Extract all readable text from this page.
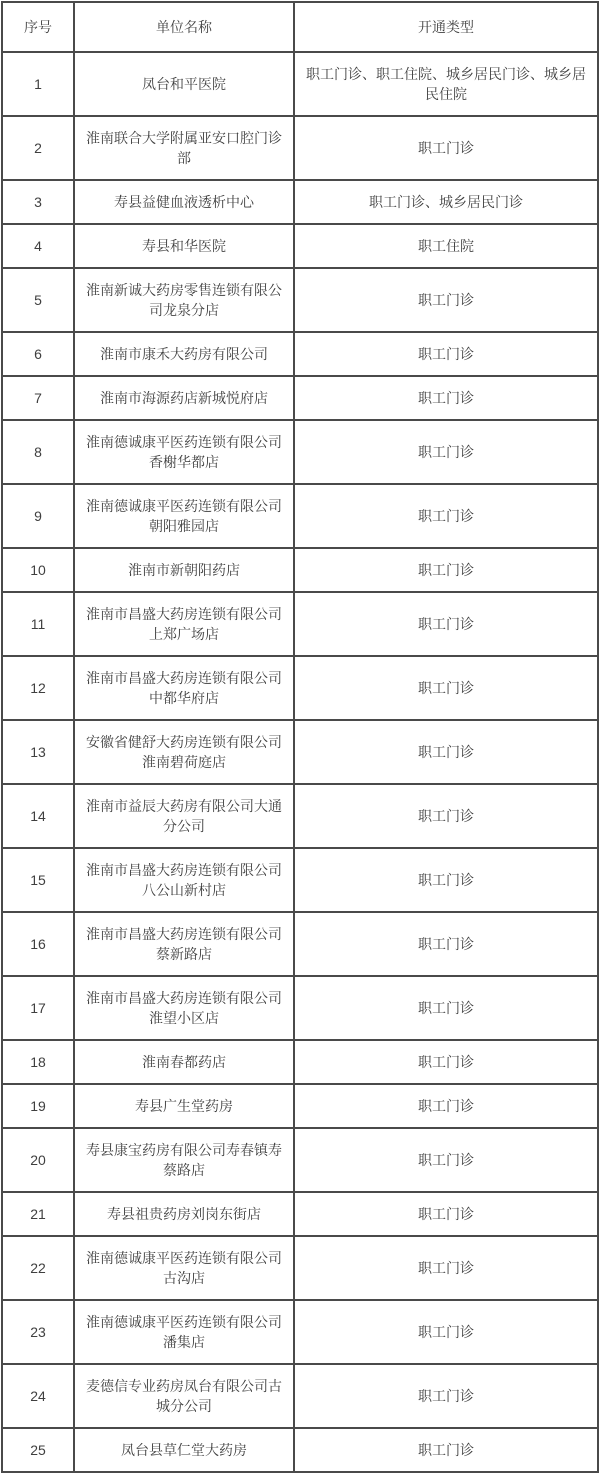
序号	单位名称	开通类型
1	凤台和平医院	职工门诊、职工住院、城乡居民门诊、城乡居民住院
2	淮南联合大学附属亚安口腔门诊部	职工门诊
3	寿县益健血液透析中心	职工门诊、城乡居民门诊
4	寿县和华医院	职工住院
5	淮南新诚大药房零售连锁有限公司龙泉分店	职工门诊
6	淮南市康禾大药房有限公司	职工门诊
7	淮南市海源药店新城悦府店	职工门诊
8	淮南德诚康平医药连锁有限公司香榭华都店	职工门诊
9	淮南德诚康平医药连锁有限公司朝阳雅园店	职工门诊
10	淮南市新朝阳药店	职工门诊
11	淮南市昌盛大药房连锁有限公司上郑广场店	职工门诊
12	淮南市昌盛大药房连锁有限公司中都华府店	职工门诊
13	安徽省健舒大药房连锁有限公司淮南碧荷庭店	职工门诊
14	淮南市益辰大药房有限公司大通分公司	职工门诊
15	淮南市昌盛大药房连锁有限公司八公山新村店	职工门诊
16	淮南市昌盛大药房连锁有限公司蔡新路店	职工门诊
17	淮南市昌盛大药房连锁有限公司淮望小区店	职工门诊
18	淮南春都药店	职工门诊
19	寿县广生堂药房	职工门诊
20	寿县康宝药房有限公司寿春镇寿蔡路店	职工门诊
21	寿县祖贵药房刘岗东街店	职工门诊
22	淮南德诚康平医药连锁有限公司古沟店	职工门诊
23	淮南德诚康平医药连锁有限公司潘集店	职工门诊
24	麦德信专业药房凤台有限公司古城分公司	职工门诊
25	凤台县草仁堂大药房	职工门诊
